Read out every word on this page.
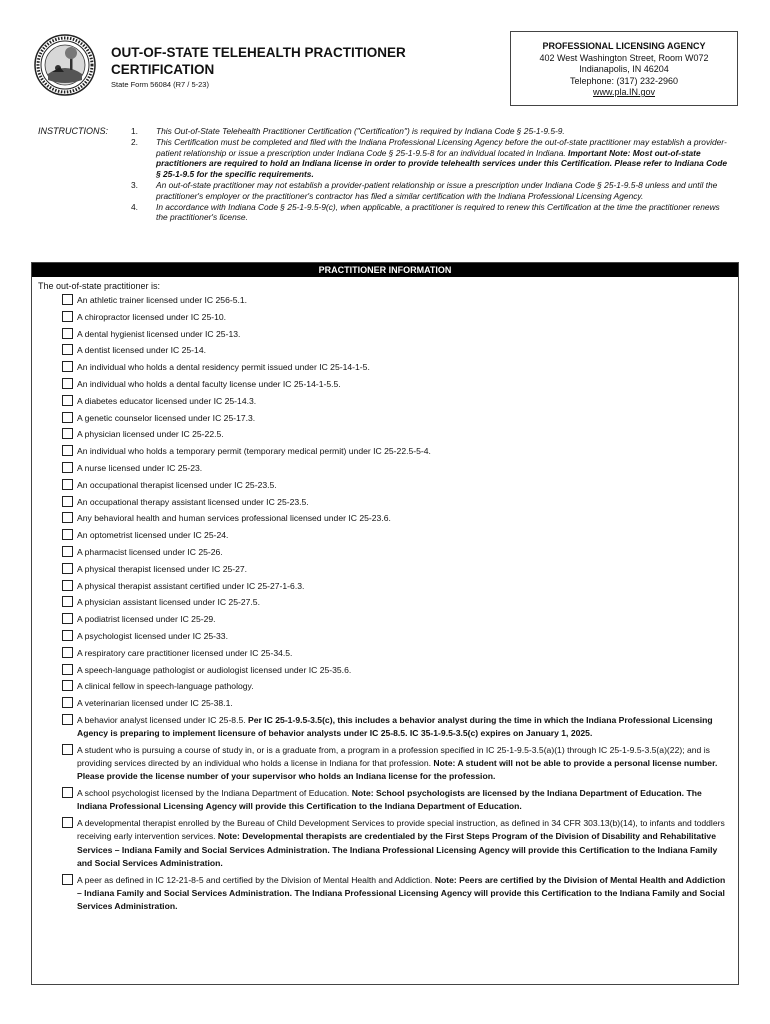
OUT-OF-STATE TELEHEALTH PRACTITIONER
CERTIFICATION
State Form 56084 (R7 / 5-23)
PROFESSIONAL LICENSING AGENCY
402 West Washington Street, Room W072
Indianapolis, IN 46204
Telephone: (317) 232-2960
www.pla.IN.gov
INSTRUCTIONS:	1.	This Out-of-State Telehealth Practitioner Certification ("Certification") is required by Indiana Code § 25-1-9.5-9.
2.	This Certification must be completed and filed with the Indiana Professional Licensing Agency before the out-of-state practitioner may establish a provider-patient relationship or issue a prescription under Indiana Code § 25-1-9.5-8 for an individual located in Indiana. Important Note: Most out-of-state practitioners are required to hold an Indiana license in order to provide telehealth services under this Certification. Please refer to Indiana Code § 25-1-9.5 for the specific requirements.
3.	An out-of-state practitioner may not establish a provider-patient relationship or issue a prescription under Indiana Code § 25-1-9.5-8 unless and until the practitioner's employer or the practitioner's contractor has filed a similar certification with the Indiana Professional Licensing Agency.
4.	In accordance with Indiana Code § 25-1-9.5-9(c), when applicable, a practitioner is required to renew this Certification at the time the practitioner renews the practitioner's license.
PRACTITIONER INFORMATION
The out-of-state practitioner is:
An athletic trainer licensed under IC 256-5.1.
A chiropractor licensed under IC 25-10.
A dental hygienist licensed under IC 25-13.
A dentist licensed under IC 25-14.
An individual who holds a dental residency permit issued under IC 25-14-1-5.
An individual who holds a dental faculty license under IC 25-14-1-5.5.
A diabetes educator licensed under IC 25-14.3.
A genetic counselor licensed under IC 25-17.3.
A physician licensed under IC 25-22.5.
An individual who holds a temporary permit (temporary medical permit) under IC 25-22.5-5-4.
A nurse licensed under IC 25-23.
An occupational therapist licensed under IC 25-23.5.
An occupational therapy assistant licensed under IC 25-23.5.
Any behavioral health and human services professional licensed under IC 25-23.6.
An optometrist licensed under IC 25-24.
A pharmacist licensed under IC 25-26.
A physical therapist licensed under IC 25-27.
A physical therapist assistant certified under IC 25-27-1-6.3.
A physician assistant licensed under IC 25-27.5.
A podiatrist licensed under IC 25-29.
A psychologist licensed under IC 25-33.
A respiratory care practitioner licensed under IC 25-34.5.
A speech-language pathologist or audiologist licensed under IC 25-35.6.
A clinical fellow in speech-language pathology.
A veterinarian licensed under IC 25-38.1.
A behavior analyst licensed under IC 25-8.5. Per IC 25-1-9.5-3.5(c), this includes a behavior analyst during the time in which the Indiana Professional Licensing Agency is preparing to implement licensure of behavior analysts under IC 25-8.5. IC 35-1-9.5-3.5(c) expires on January 1, 2025.
A student who is pursuing a course of study in, or is a graduate from, a program in a profession specified in IC 25-1-9.5-3.5(a)(1) through IC 25-1-9.5-3.5(a)(22); and is providing services directed by an individual who holds a license in Indiana for that profession. Note: A student will not be able to provide a personal license number. Please provide the license number of your supervisor who holds an Indiana license for the profession.
A school psychologist licensed by the Indiana Department of Education. Note: School psychologists are licensed by the Indiana Department of Education. The Indiana Professional Licensing Agency will provide this Certification to the Indiana Department of Education.
A developmental therapist enrolled by the Bureau of Child Development Services to provide special instruction, as defined in 34 CFR 303.13(b)(14), to infants and toddlers receiving early intervention services. Note: Developmental therapists are credentialed by the First Steps Program of the Division of Disability and Rehabilitative Services – Indiana Family and Social Services Administration. The Indiana Professional Licensing Agency will provide this Certification to the Indiana Family and Social Services Administration.
A peer as defined in IC 12-21-8-5 and certified by the Division of Mental Health and Addiction. Note: Peers are certified by the Division of Mental Health and Addiction – Indiana Family and Social Services Administration. The Indiana Professional Licensing Agency will provide this Certification to the Indiana Family and Social Services Administration.
